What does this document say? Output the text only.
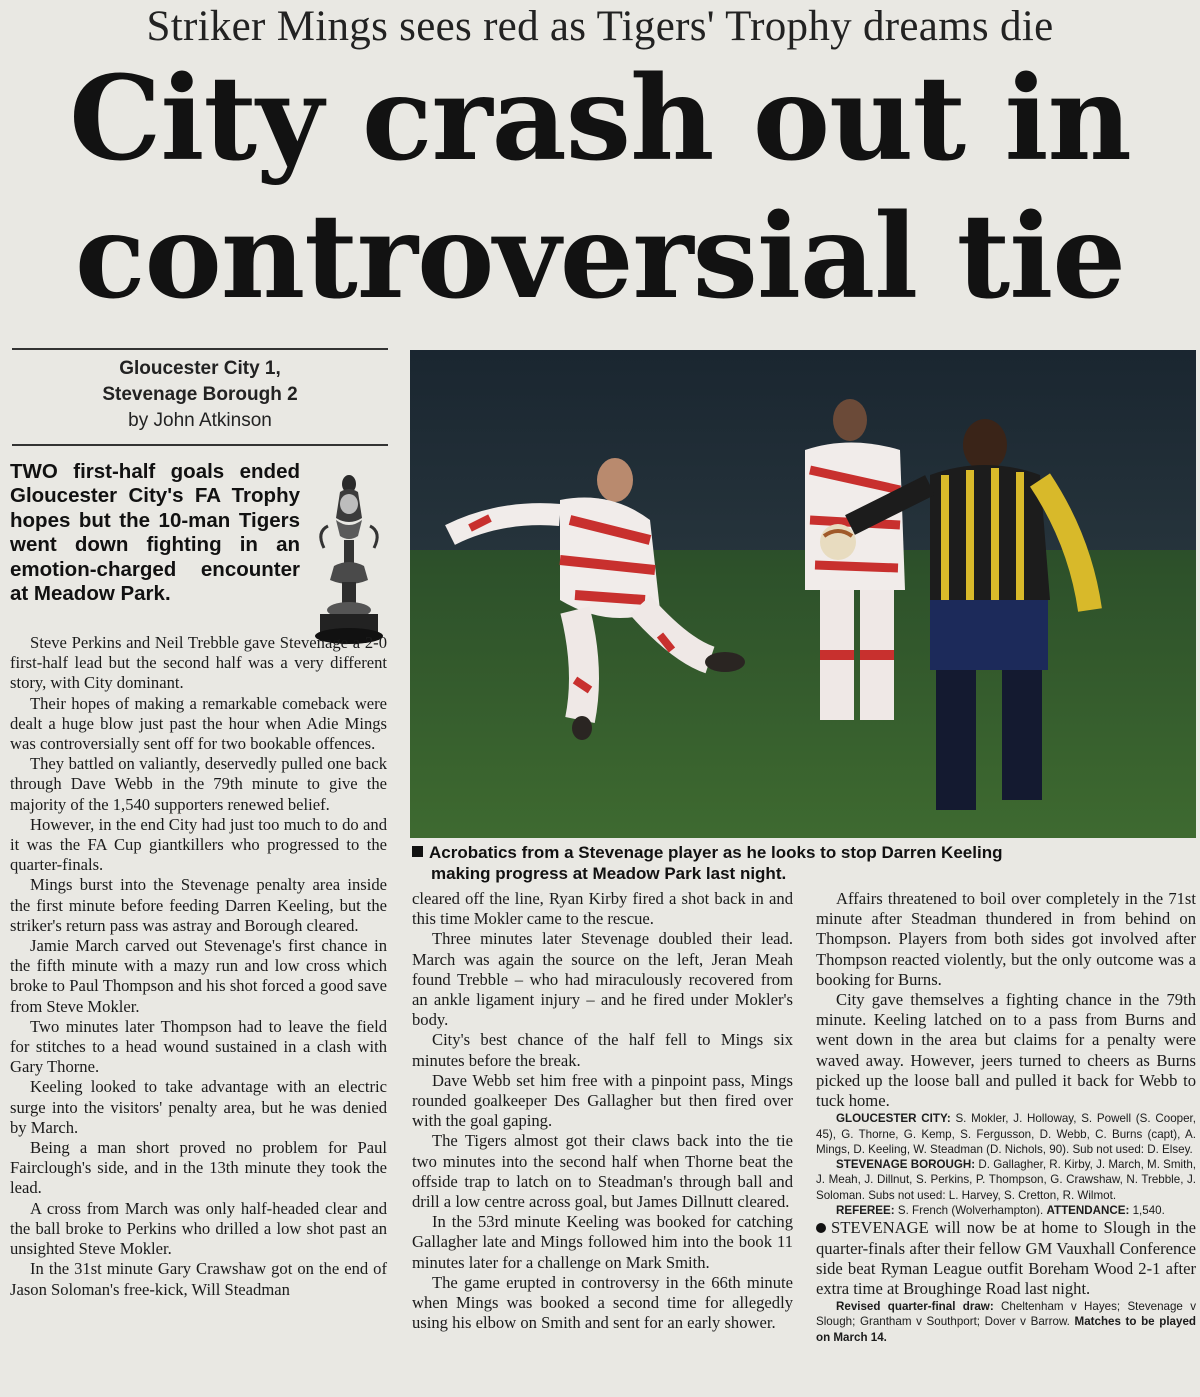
Striker Mings sees red as Tigers' Trophy dreams die
City crash out in
controversial tie
Gloucester City 1,
Stevenage Borough 2
by John Atkinson

TWO first-half goals ended Gloucester City's FA Trophy hopes but the 10-man Tigers went down fighting in an emotion-charged encounter at Meadow Park.

Steve Perkins and Neil Trebble gave Stevenage a 2-0 first-half lead but the second half was a very different story, with City dominant.

Their hopes of making a remarkable comeback were dealt a huge blow just past the hour when Adie Mings was controversially sent off for two bookable offences.

They battled on valiantly, deservedly pulled one back through Dave Webb in the 79th minute to give the majority of the 1,540 supporters renewed belief.

However, in the end City had just too much to do and it was the FA Cup giantkillers who progressed to the quarter-finals.

Mings burst into the Stevenage penalty area inside the first minute before feeding Darren Keeling, but the striker's return pass was astray and Borough cleared.

Jamie March carved out Stevenage's first chance in the fifth minute with a mazy run and low cross which broke to Paul Thompson and his shot forced a good save from Steve Mokler.

Two minutes later Thompson had to leave the field for stitches to a head wound sustained in a clash with Gary Thorne.

Keeling looked to take advantage with an electric surge into the visitors' penalty area, but he was denied by March.

Being a man short proved no problem for Paul Fairclough's side, and in the 13th minute they took the lead.

A cross from March was only half-headed clear and the ball broke to Perkins who drilled a low shot past an unsighted Steve Mokler.

In the 31st minute Gary Crawshaw got on the end of Jason Soloman's free-kick, Will Steadman

Acrobatics from a Stevenage player as he looks to stop Darren Keeling
making progress at Meadow Park last night.

cleared off the line, Ryan Kirby fired a shot back in and this time Mokler came to the rescue.

Three minutes later Stevenage doubled their lead. March was again the source on the left, Jeran Meah found Trebble – who had miraculously recovered from an ankle ligament injury – and he fired under Mokler's body.

City's best chance of the half fell to Mings six minutes before the break.

Dave Webb set him free with a pinpoint pass, Mings rounded goalkeeper Des Gallagher but then fired over with the goal gaping.

The Tigers almost got their claws back into the tie two minutes into the second half when Thorne beat the offside trap to latch on to Steadman's through ball and drill a low centre across goal, but James Dillnutt cleared.

In the 53rd minute Keeling was booked for catching Gallagher late and Mings followed him into the book 11 minutes later for a challenge on Mark Smith.

The game erupted in controversy in the 66th minute when Mings was booked a second time for allegedly using his elbow on Smith and sent for an early shower.

Affairs threatened to boil over completely in the 71st minute after Steadman thundered in from behind on Thompson. Players from both sides got involved after Thompson reacted violently, but the only outcome was a booking for Burns.

City gave themselves a fighting chance in the 79th minute. Keeling latched on to a pass from Burns and went down in the area but claims for a penalty were waved away. However, jeers turned to cheers as Burns picked up the loose ball and pulled it back for Webb to tuck home.

GLOUCESTER CITY: S. Mokler, J. Holloway, S. Powell (S. Cooper, 45), G. Thorne, G. Kemp, S. Fergusson, D. Webb, C. Burns (capt), A. Mings, D. Keeling, W. Steadman (D. Nichols, 90). Sub not used: D. Elsey.

STEVENAGE BOROUGH: D. Gallagher, R. Kirby, J. March, M. Smith, J. Meah, J. Dillnut, S. Perkins, P. Thompson, G. Crawshaw, N. Trebble, J. Soloman. Subs not used: L. Harvey, S. Cretton, R. Wilmot.

REFEREE: S. French (Wolverhampton). ATTENDANCE: 1,540.

STEVENAGE will now be at home to Slough in the quarter-finals after their fellow GM Vauxhall Conference side beat Ryman League outfit Boreham Wood 2-1 after extra time at Broughinge Road last night.

Revised quarter-final draw: Cheltenham v Hayes; Stevenage v Slough; Grantham v Southport; Dover v Barrow. Matches to be played on March 14.
